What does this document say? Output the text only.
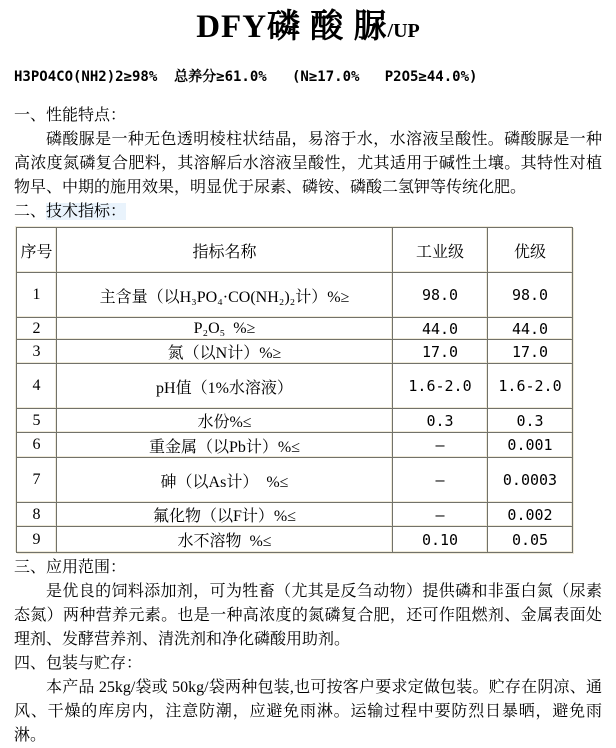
DFY磷 酸 脲/UP
H3PO4CO(NH2)2≥98%  总养分≥61.0%   (N≥17.0%   P2O5≥44.0%)
一、性能特点：
磷酸脲是一种无色透明棱柱状结晶，易溶于水，水溶液呈酸性。磷酸脲是一种高浓度氮磷复合肥料，其溶解后水溶液呈酸性，尤其适用于碱性土壤。其特性对植物早、中期的施用效果，明显优于尿素、磷铵、磷酸二氢钾等传统化肥。
二、技术指标：
序号	指标名称	工业级	优级
1	主含量（以H₃PO₄·CO(NH₂)₂计）%≥	98.0	98.0
2	P₂O₅  %≥	44.0	44.0
3	氮（以N计）%≥	17.0	17.0
4	pH值（1%水溶液）	1.6-2.0	1.6-2.0
5	水份%≤	0.3	0.3
6	重金属（以Pb计）%≤	–	0.001
7	砷（以As计）  %≤	–	0.0003
8	氟化物（以F计）%≤	–	0.002
9	水不溶物  %≤	0.10	0.05
三、应用范围：
是优良的饲料添加剂，可为牲畜（尤其是反刍动物）提供磷和非蛋白氮（尿素态氮）两种营养元素。也是一种高浓度的氮磷复合肥，还可作阻燃剂、金属表面处理剂、发酵营养剂、清洗剂和净化磷酸用助剂。
四、包装与贮存：
本产品 25kg/袋或 50kg/袋两种包装,也可按客户要求定做包装。贮存在阴凉、通风、干燥的库房内，注意防潮，应避免雨淋。运输过程中要防烈日暴晒，避免雨淋。
